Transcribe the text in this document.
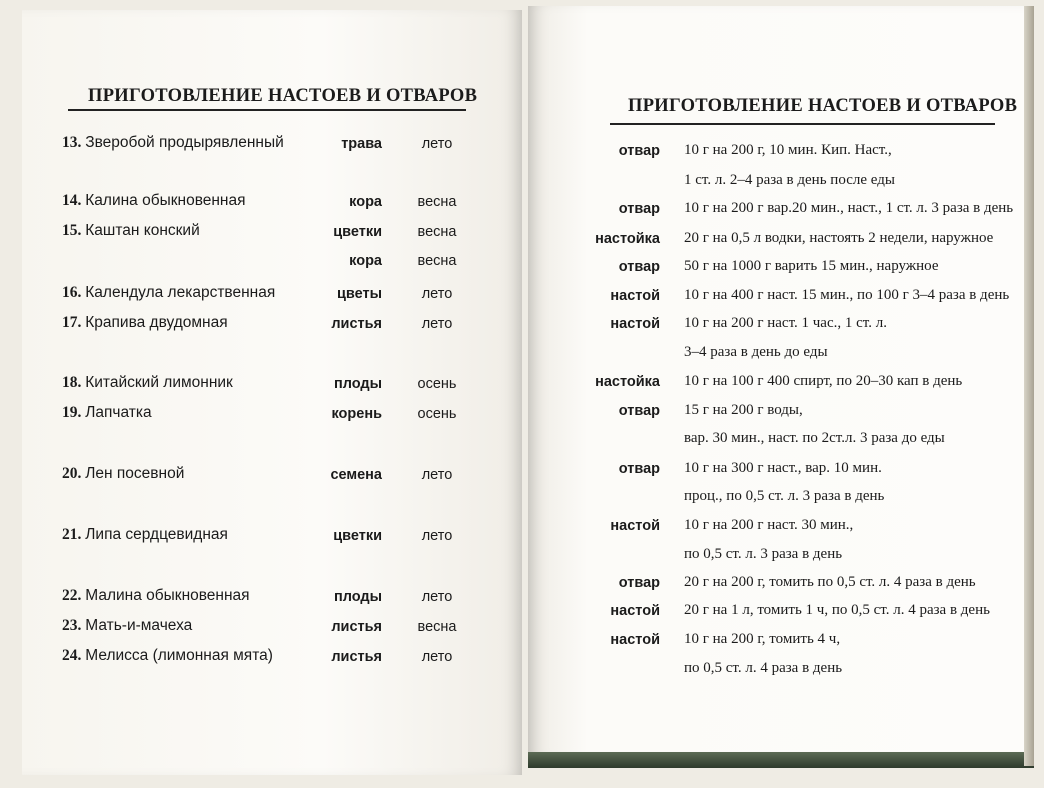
ПРИГОТОВЛЕНИЕ НАСТОЕВ И ОТВАРОВ
13. Зверобой продырявленный	трава	лето
14. Калина обыкновенная	кора	весна
15. Каштан конский	цветки	весна
кора	весна
16. Календула лекарственная	цветы	лето
17. Крапива двудомная	листья	лето
18. Китайский лимонник	плоды	осень
19. Лапчатка	корень	осень
20. Лен посевной	семена	лето
21. Липа сердцевидная	цветки	лето
22. Малина обыкновенная	плоды	лето
23. Мать-и-мачеха	листья	весна
24. Мелисса (лимонная мята)	листья	лето
ПРИГОТОВЛЕНИЕ НАСТОЕВ И ОТВАРОВ
отвар 10 г на 200 г, 10 мин. Кип. Наст.,
1 ст. л. 2–4 раза в день после еды
отвар 10 г на 200 г вар.20 мин., наст., 1 ст. л. 3 раза в день
настойка 20 г на 0,5 л водки, настоять 2 недели, наружное
отвар 50 г на 1000 г варить 15 мин., наружное
настой 10 г на 400 г наст. 15 мин., по 100 г 3–4 раза в день
настой 10 г на 200 г наст. 1 час., 1 ст. л.
3–4 раза в день до еды
настойка 10 г на 100 г 400 спирт, по 20–30 кап в день
отвар 15 г на 200 г воды,
вар. 30 мин., наст. по 2ст.л. 3 раза до еды
отвар 10 г на 300 г наст., вар. 10 мин.
проц., по 0,5 ст. л. 3 раза в день
настой 10 г на 200 г наст. 30 мин.,
по 0,5 ст. л. 3 раза в день
отвар 20 г на 200 г, томить по 0,5 ст. л. 4 раза в день
настой 20 г на 1 л, томить 1 ч, по 0,5 ст. л. 4 раза в день
настой 10 г на 200 г, томить 4 ч,
по 0,5 ст. л. 4 раза в день
